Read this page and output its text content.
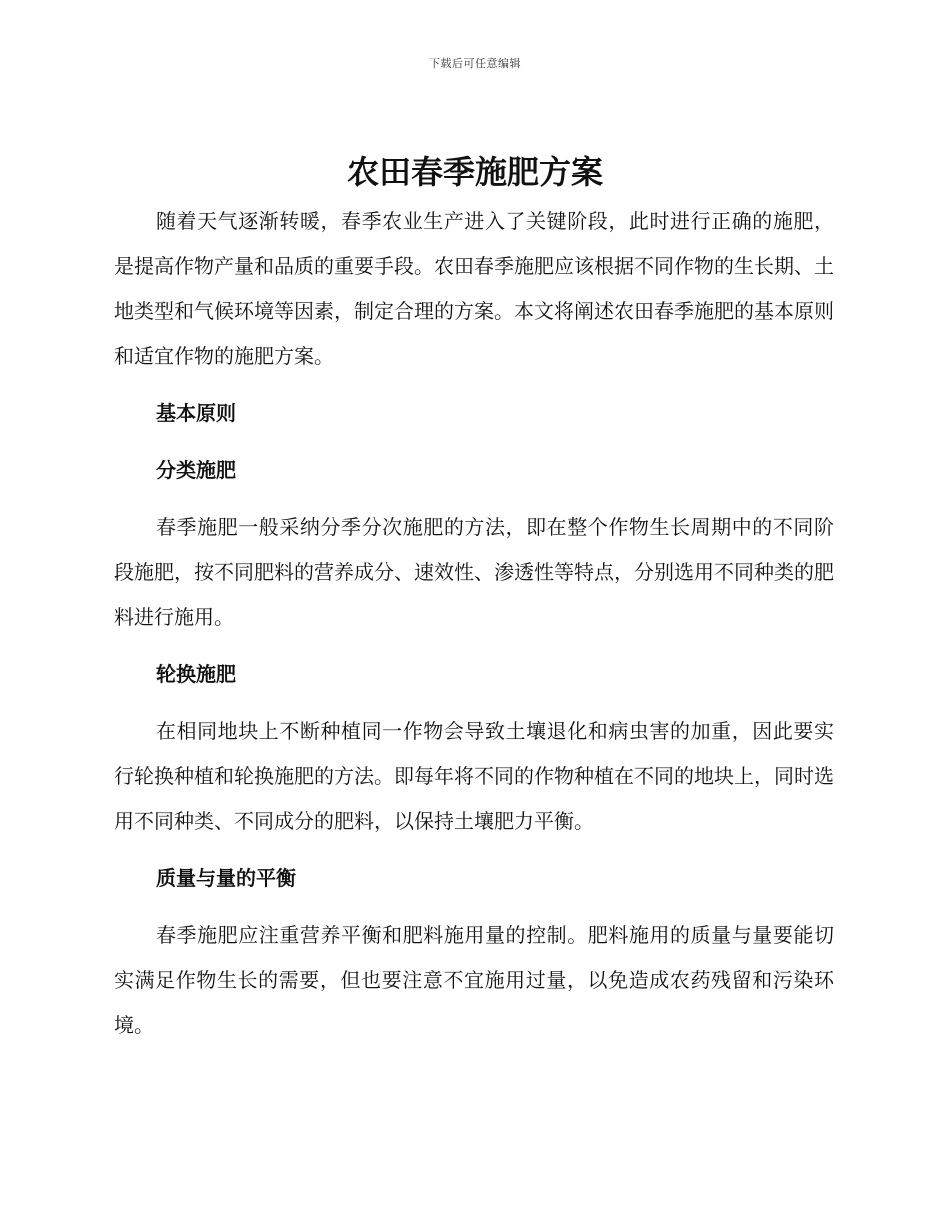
下载后可任意编辑
农田春季施肥方案

随着天气逐渐转暖，春季农业生产进入了关键阶段，此时进行正确的施肥，是提高作物产量和品质的重要手段。农田春季施肥应该根据不同作物的生长期、土地类型和气候环境等因素，制定合理的方案。本文将阐述农田春季施肥的基本原则和适宜作物的施肥方案。

基本原则
分类施肥

春季施肥一般采纳分季分次施肥的方法，即在整个作物生长周期中的不同阶段施肥，按不同肥料的营养成分、速效性、渗透性等特点，分别选用不同种类的肥料进行施用。

轮换施肥

在相同地块上不断种植同一作物会导致土壤退化和病虫害的加重，因此要实行轮换种植和轮换施肥的方法。即每年将不同的作物种植在不同的地块上，同时选用不同种类、不同成分的肥料，以保持土壤肥力平衡。

质量与量的平衡

春季施肥应注重营养平衡和肥料施用量的控制。肥料施用的质量与量要能切实满足作物生长的需要，但也要注意不宜施用过量，以免造成农药残留和污染环境。
